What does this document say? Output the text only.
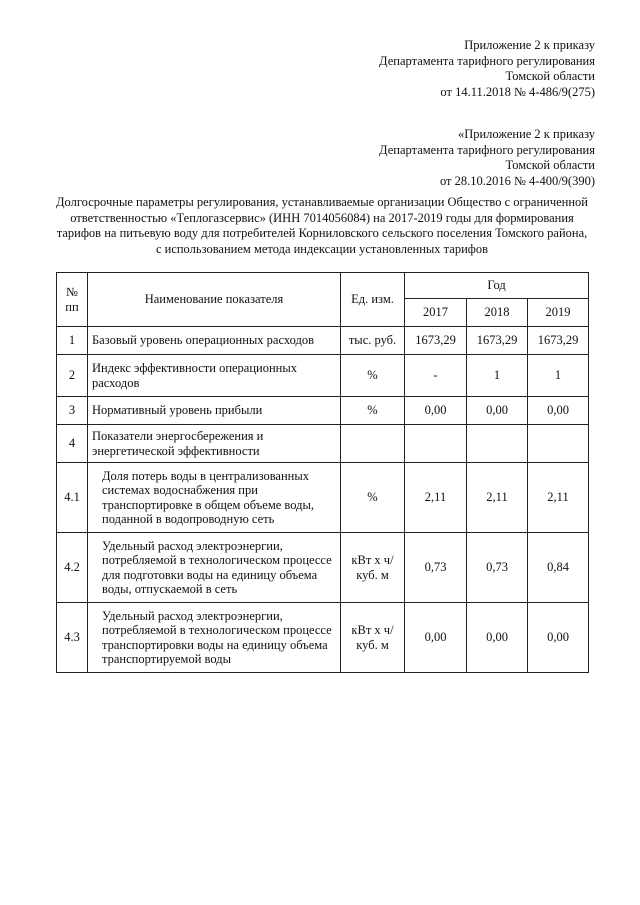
Приложение 2 к приказу
Департамента тарифного регулирования
Томской области
от 14.11.2018 № 4-486/9(275)
«Приложение 2 к приказу
Департамента тарифного регулирования
Томской области
от 28.10.2016 № 4-400/9(390)
Долгосрочные параметры регулирования, устанавливаемые организации Общество с ограниченной ответственностью «Теплогазсервис» (ИНН 7014056084) на 2017-2019 годы для формирования тарифов на питьевую воду для потребителей Корниловского сельского поселения Томского района, с использованием метода индексации установленных тарифов
№ пп	Наименование показателя	Ед. изм.	Год		
			2017	2018	2019
1	Базовый уровень операционных расходов	тыс. руб.	1673,29	1673,29	1673,29
2	Индекс эффективности операционных расходов	%	-	1	1
3	Нормативный уровень прибыли	%	0,00	0,00	0,00
4	Показатели энергосбережения и энергетической эффективности				
4.1	Доля потерь воды в централизованных системах водоснабжения при транспортировке в общем объеме воды, поданной в водопроводную сеть	%	2,11	2,11	2,11
4.2	Удельный расход электроэнергии, потребляемой в технологическом процессе для подготовки воды на единицу объема воды, отпускаемой в сеть	кВт х ч/куб. м	0,73	0,73	0,84
4.3	Удельный расход электроэнергии, потребляемой в технологическом процессе транспортировки воды на единицу объема транспортируемой воды	кВт х ч/куб. м	0,00	0,00	0,00
